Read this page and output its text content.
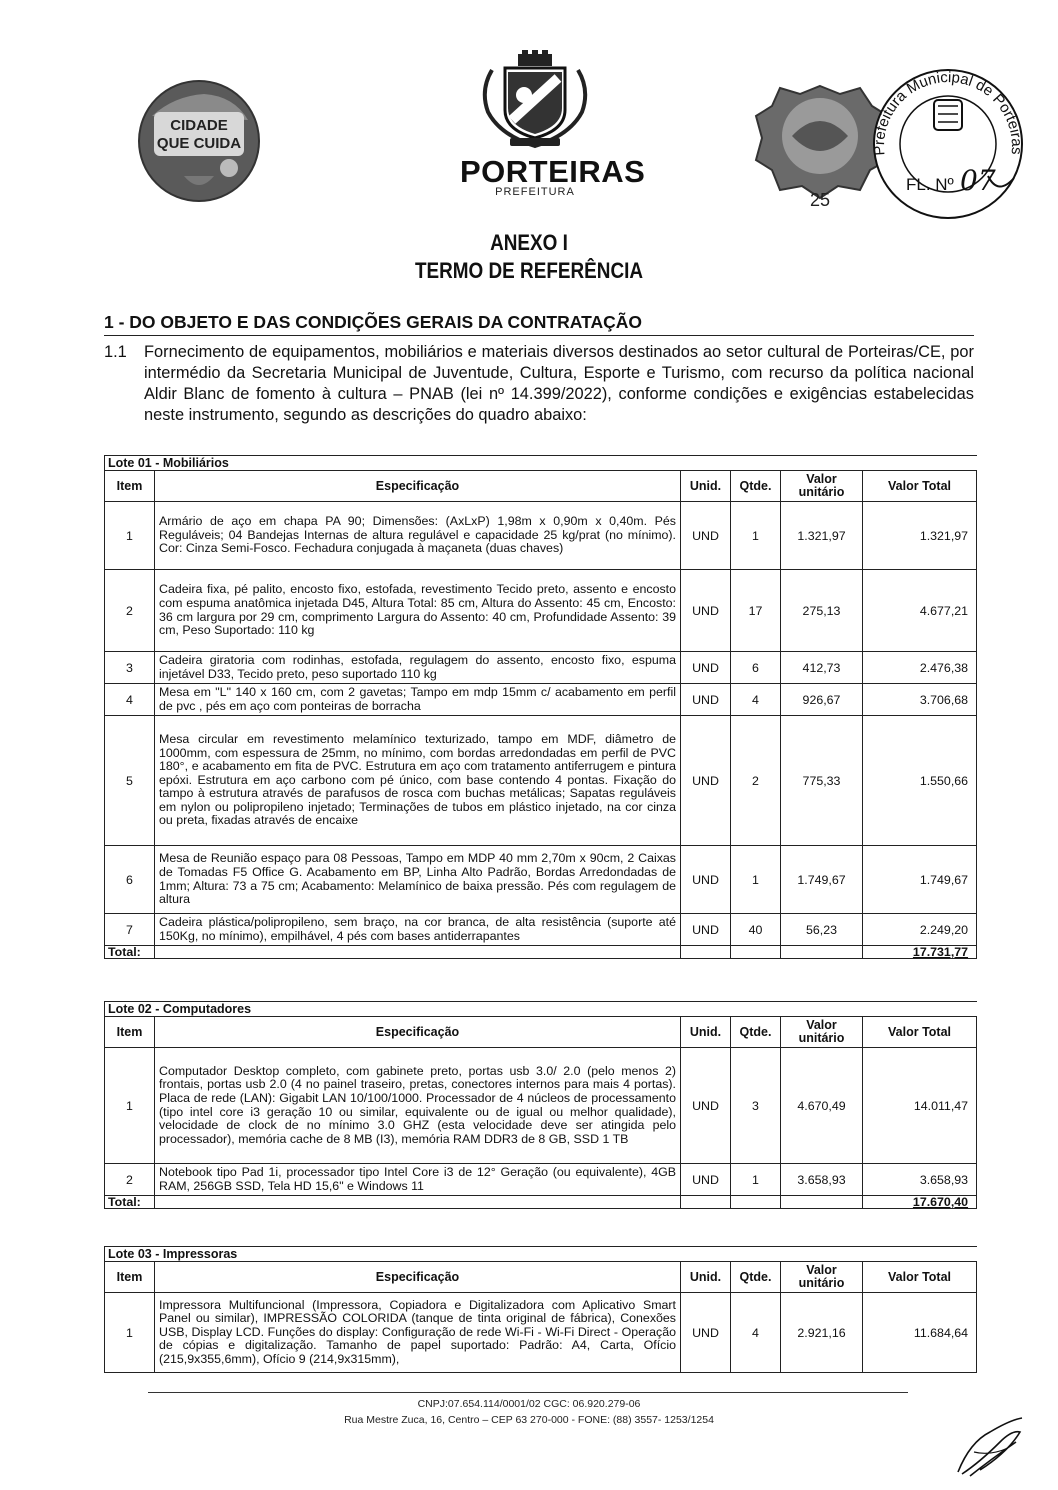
CIDADE
QUE CUIDA
PORTEIRAS
PREFEITURA	25
Prefeitura Municipal de Porteiras
FL. Nº 07
ANEXO I
TERMO DE REFERÊNCIA
1 - DO OBJETO E DAS CONDIÇÕES GERAIS DA CONTRATAÇÃO
1.1 Fornecimento de equipamentos, mobiliários e materiais diversos destinados ao setor cultural de Porteiras/CE, por intermédio da Secretaria Municipal de Juventude, Cultura, Esporte e Turismo, com recurso da política nacional Aldir Blanc de fomento à cultura – PNAB (lei nº 14.399/2022), conforme condições e exigências estabelecidas neste instrumento, segundo as descrições do quadro abaixo:
Lote 01 - Mobiliários					
Item	Especificação	Unid.	Qtde.	Valor unitário	Valor Total
1	Armário de aço em chapa PA 90; Dimensões: (AxLxP) 1,98m x 0,90m x 0,40m. Pés Reguláveis; 04 Bandejas Internas de altura regulável e capacidade 25 kg/prat (no mínimo). Cor: Cinza Semi-Fosco. Fechadura conjugada à maçaneta (duas chaves)	UND	1	1.321,97	1.321,97
2	Cadeira fixa, pé palito, encosto fixo, estofada, revestimento Tecido preto, assento e encosto com espuma anatômica injetada D45, Altura Total: 85 cm, Altura do Assento: 45 cm, Encosto: 36 cm largura por 29 cm, comprimento Largura do Assento: 40 cm, Profundidade Assento: 39 cm, Peso Suportado: 110 kg	UND	17	275,13	4.677,21
3	Cadeira giratoria com rodinhas, estofada, regulagem do assento, encosto fixo, espuma injetável D33, Tecido preto, peso suportado 110 kg	UND	6	412,73	2.476,38
4	Mesa em "L" 140 x 160 cm, com 2 gavetas; Tampo em mdp 15mm c/ acabamento em perfil de pvc , pés em aço com ponteiras de borracha	UND	4	926,67	3.706,68
5	Mesa circular em revestimento melamínico texturizado, tampo em MDF, diâmetro de 1000mm, com espessura de 25mm, no mínimo, com bordas arredondadas em perfil de PVC 180°, e acabamento em fita de PVC. Estrutura em aço com tratamento antiferrugem e pintura epóxi. Estrutura em aço carbono com pé único, com base contendo 4 pontas. Fixação do tampo à estrutura através de parafusos de rosca com buchas metálicas; Sapatas reguláveis em nylon ou polipropileno injetado; Terminações de tubos em plástico injetado, na cor cinza ou preta, fixadas através de encaixe	UND	2	775,33	1.550,66
6	Mesa de Reunião espaço para 08 Pessoas, Tampo em MDP 40 mm 2,70m x 90cm, 2 Caixas de Tomadas F5 Office G. Acabamento em BP, Linha Alto Padrão, Bordas Arredondadas de 1mm; Altura: 73 a 75 cm; Acabamento: Melamínico de baixa pressão. Pés com regulagem de altura	UND	1	1.749,67	1.749,67
7	Cadeira plástica/polipropileno, sem braço, na cor branca, de alta resistência (suporte até 150Kg, no mínimo), empilhável, 4 pés com bases antiderrapantes	UND	40	56,23	2.249,20
Total:					17.731,77
Lote 02 - Computadores					
Item	Especificação	Unid.	Qtde.	Valor unitário	Valor Total
1	Computador Desktop completo, com gabinete preto, portas usb 3.0/ 2.0 (pelo menos 2) frontais, portas usb 2.0 (4 no painel traseiro, pretas, conectores internos para mais 4 portas). Placa de rede (LAN): Gigabit LAN 10/100/1000. Processador de 4 núcleos de processamento (tipo intel core i3 geração 10 ou similar, equivalente ou de igual ou melhor qualidade), velocidade de clock de no mínimo 3.0 GHZ (esta velocidade deve ser atingida pelo processador), memória cache de 8 MB (I3), memória RAM DDR3 de 8 GB, SSD 1 TB	UND	3	4.670,49	14.011,47
2	Notebook tipo Pad 1i, processador tipo Intel Core i3 de 12° Geração (ou equivalente), 4GB RAM, 256GB SSD, Tela HD 15,6" e Windows 11	UND	1	3.658,93	3.658,93
Total:					17.670,40
Lote 03 - Impressoras					
Item	Especificação	Unid.	Qtde.	Valor unitário	Valor Total
1	Impressora Multifuncional (Impressora, Copiadora e Digitalizadora com Aplicativo Smart Panel ou similar), IMPRESSÃO COLORIDA (tanque de tinta original de fábrica), Conexões USB, Display LCD. Funções do display: Configuração de rede Wi-Fi - Wi-Fi Direct - Operação de cópias e digitalização. Tamanho de papel suportado: Padrão: A4, Carta, Ofício (215,9x355,6mm), Ofício 9 (214,9x315mm),	UND	4	2.921,16	11.684,64
CNPJ:07.654.114/0001/02 CGC: 06.920.279-06
Rua Mestre Zuca, 16, Centro – CEP 63 270-000 - FONE: (88) 3557- 1253/1254
